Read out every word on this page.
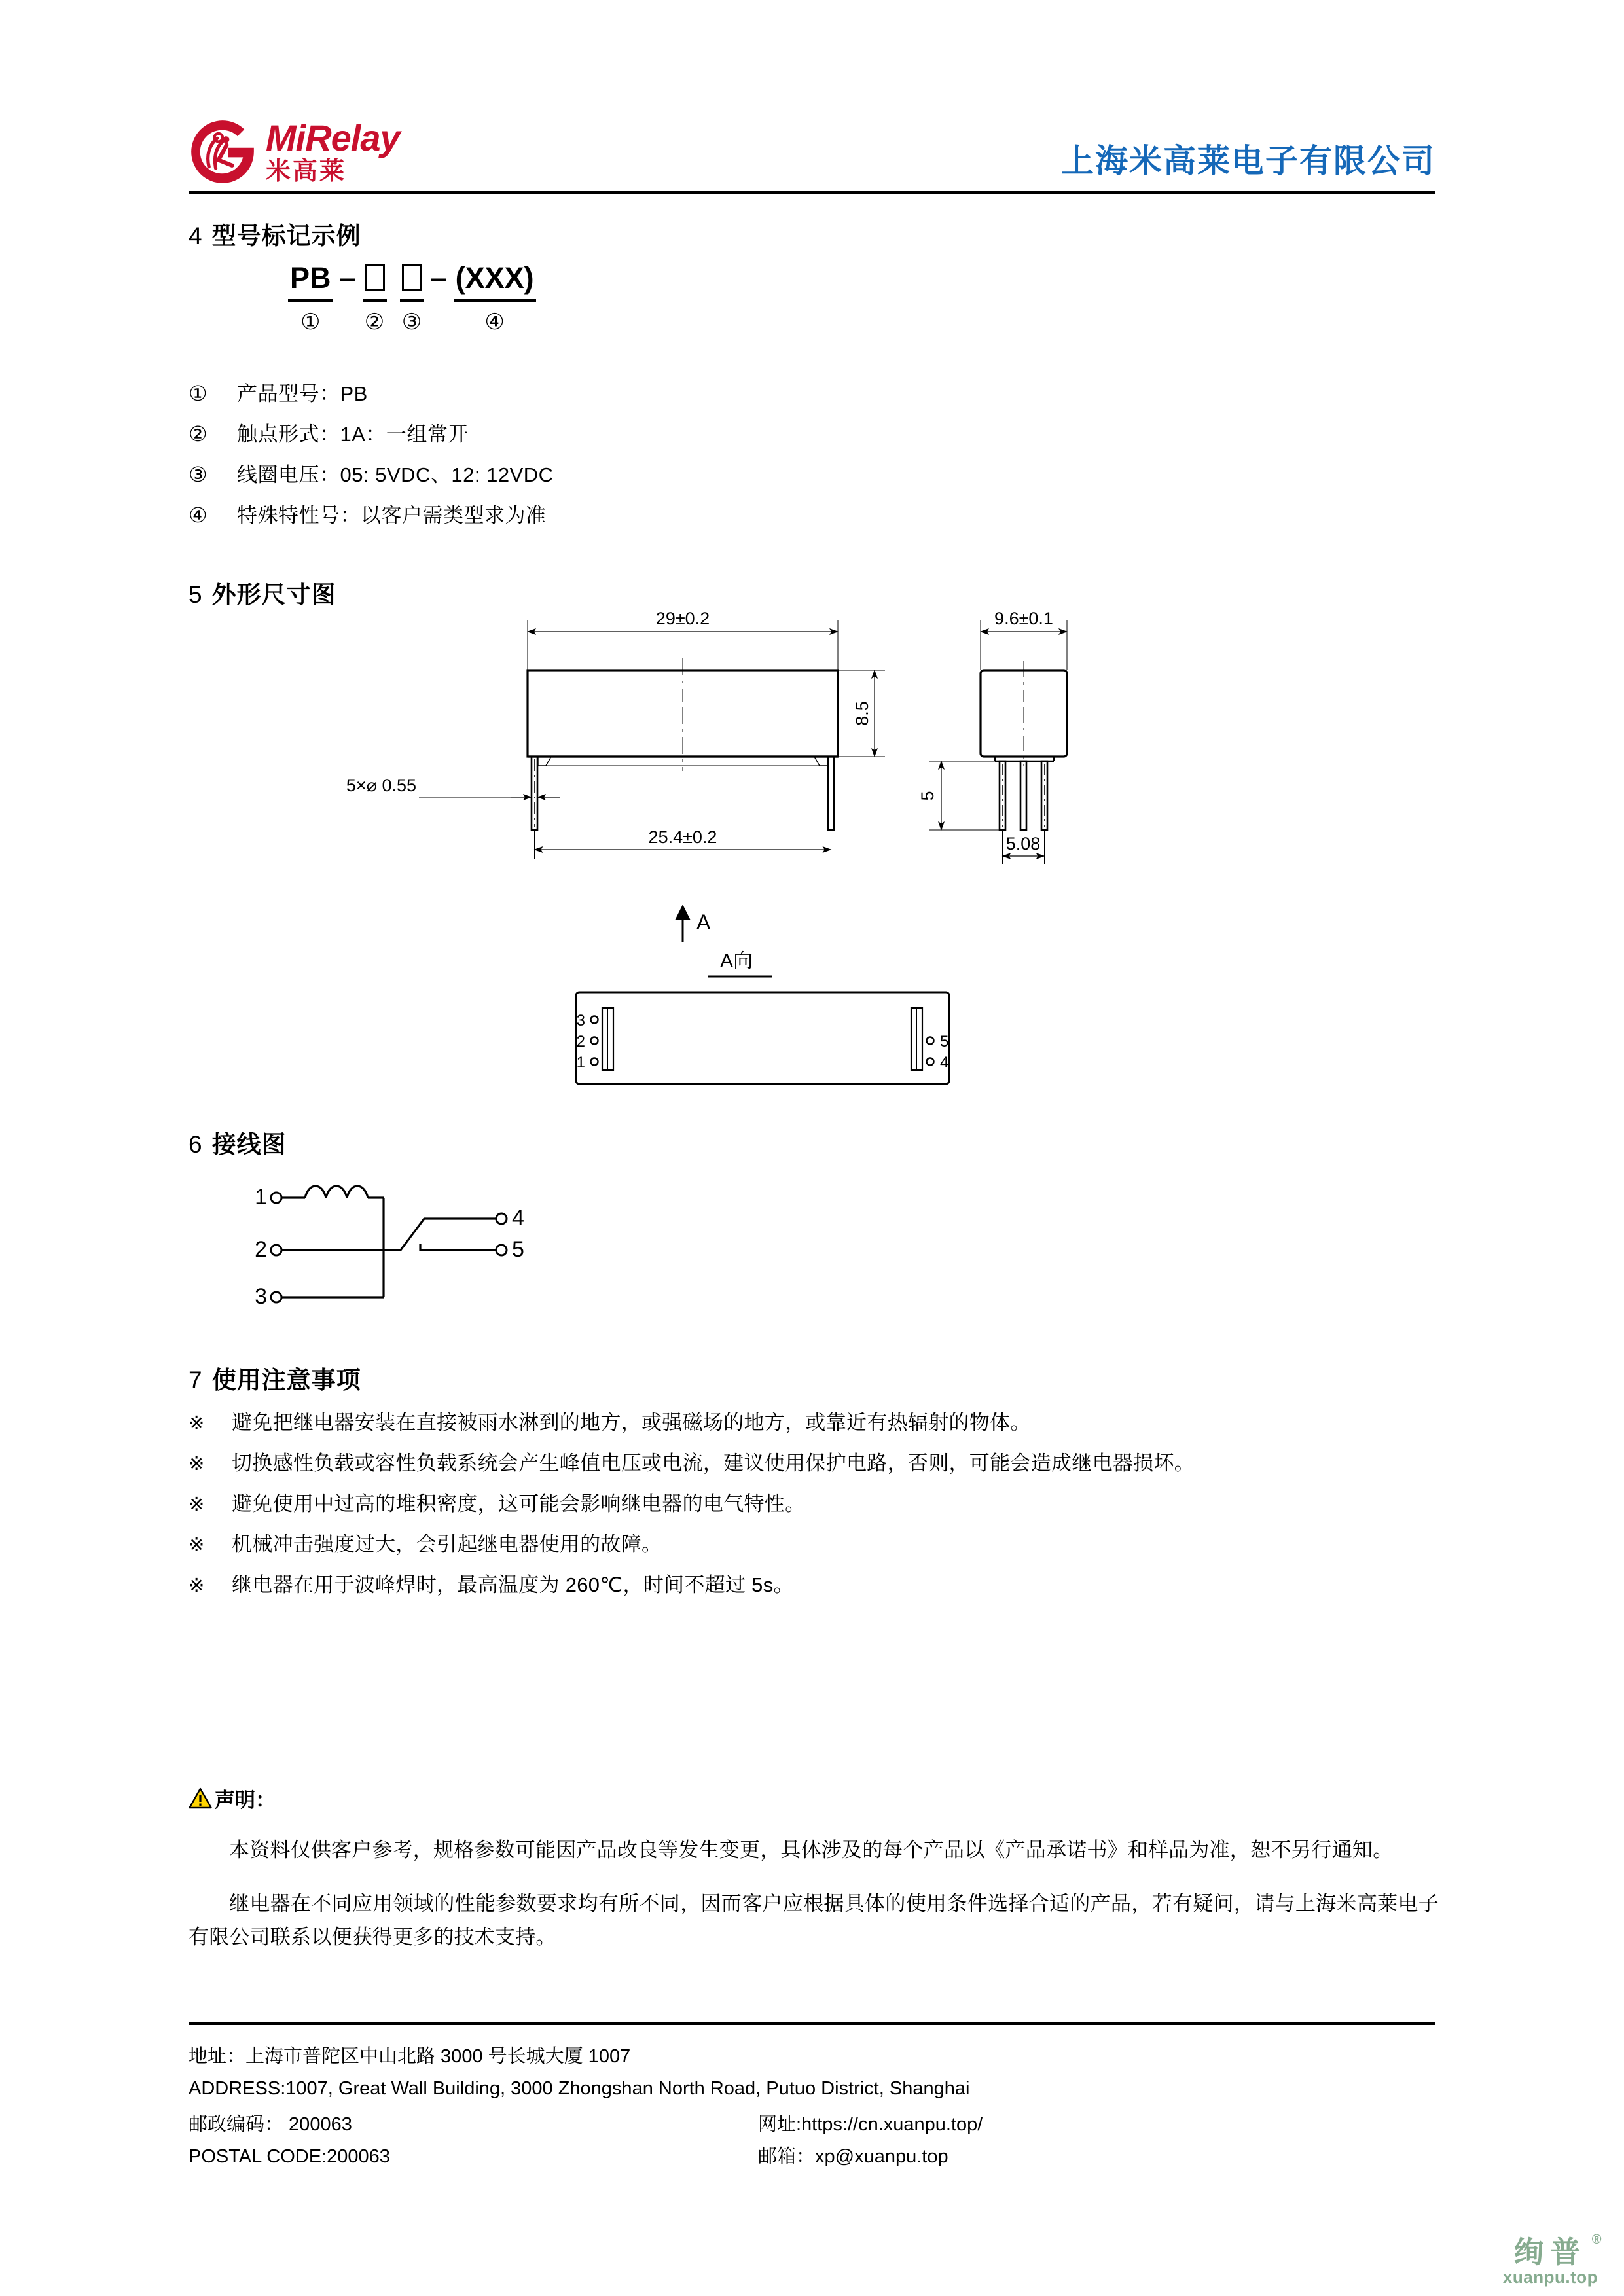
MiRelay
米高莱	上海米高莱电子有限公司
4 型号标记示例
PB
①
–
② ③
– (XXX)
④
①	产品型号：PB
②	触点形式：1A：一组常开
③	线圈电压：05: 5VDC、12: 12VDC
④	特殊特性号：以客户需类型求为准
5 外形尺寸图
29±0.2
8.5
5×⌀ 0.55
25.4±0.2
A
9.6±0.1
5
5.08
A向
3
2
1
5
4
6 接线图
1
2
3
4
5
7 使用注意事项
※	避免把继电器安装在直接被雨水淋到的地方，或强磁场的地方，或靠近有热辐射的物体。
※	切换感性负载或容性负载系统会产生峰值电压或电流，建议使用保护电路，否则，可能会造成继电器损坏。
※	避免使用中过高的堆积密度，这可能会影响继电器的电气特性。
※	机械冲击强度过大，会引起继电器使用的故障。
※	继电器在用于波峰焊时，最高温度为 260℃，时间不超过 5s。
声明：

本资料仅供客户参考，规格参数可能因产品改良等发生变更，具体涉及的每个产品以《产品承诺书》和样品为准，恕不另行通知。

继电器在不同应用领域的性能参数要求均有所不同，因而客户应根据具体的使用条件选择合适的产品，若有疑问，请与上海米高莱电子有限公司联系以便获得更多的技术支持。

地址：上海市普陀区中山北路 3000 号长城大厦 1007
ADDRESS:1007, Great Wall Building, 3000 Zhongshan North Road, Putuo District, Shanghai
邮政编码： 200063
POSTAL CODE:200063
网址:https://cn.xuanpu.top/
邮箱：xp@xuanpu.top
绚普 ®
xuanpu.top
